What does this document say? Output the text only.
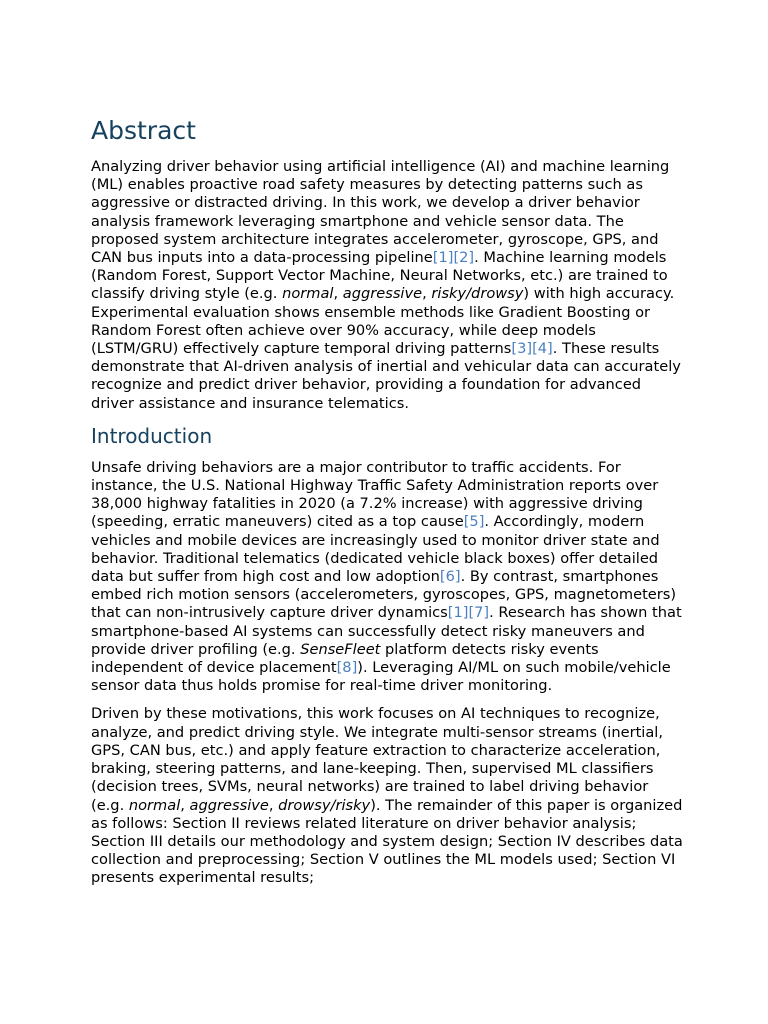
Abstract

Analyzing driver behavior using artificial intelligence (AI) and machine learning (ML) enables proactive road safety measures by detecting patterns such as aggressive or distracted driving. In this work, we develop a driver behavior analysis framework leveraging smartphone and vehicle sensor data. The proposed system architecture integrates accelerometer, gyroscope, GPS, and CAN bus inputs into a data-processing pipeline[1][2]. Machine learning models (Random Forest, Support Vector Machine, Neural Networks, etc.) are trained to classify driving style (e.g. normal, aggressive, risky/drowsy) with high accuracy. Experimental evaluation shows ensemble methods like Gradient Boosting or Random Forest often achieve over 90% accuracy, while deep models (LSTM/GRU) effectively capture temporal driving patterns[3][4]. These results demonstrate that AI-driven analysis of inertial and vehicular data can accurately recognize and predict driver behavior, providing a foundation for advanced driver assistance and insurance telematics.

Introduction

Unsafe driving behaviors are a major contributor to traffic accidents. For instance, the U.S. National Highway Traffic Safety Administration reports over 38,000 highway fatalities in 2020 (a 7.2% increase) with aggressive driving (speeding, erratic maneuvers) cited as a top cause[5]. Accordingly, modern vehicles and mobile devices are increasingly used to monitor driver state and behavior. Traditional telematics (dedicated vehicle black boxes) offer detailed data but suffer from high cost and low adoption[6]. By contrast, smartphones embed rich motion sensors (accelerometers, gyroscopes, GPS, magnetometers) that can non-intrusively capture driver dynamics[1][7]. Research has shown that smartphone-based AI systems can successfully detect risky maneuvers and provide driver profiling (e.g. SenseFleet platform detects risky events independent of device placement[8]). Leveraging AI/ML on such mobile/vehicle sensor data thus holds promise for real-time driver monitoring.

Driven by these motivations, this work focuses on AI techniques to recognize, analyze, and predict driving style. We integrate multi-sensor streams (inertial, GPS, CAN bus, etc.) and apply feature extraction to characterize acceleration, braking, steering patterns, and lane-keeping. Then, supervised ML classifiers (decision trees, SVMs, neural networks) are trained to label driving behavior (e.g. normal, aggressive, drowsy/risky). The remainder of this paper is organized as follows: Section II reviews related literature on driver behavior analysis; Section III details our methodology and system design; Section IV describes data collection and preprocessing; Section V outlines the ML models used; Section VI presents experimental results;
